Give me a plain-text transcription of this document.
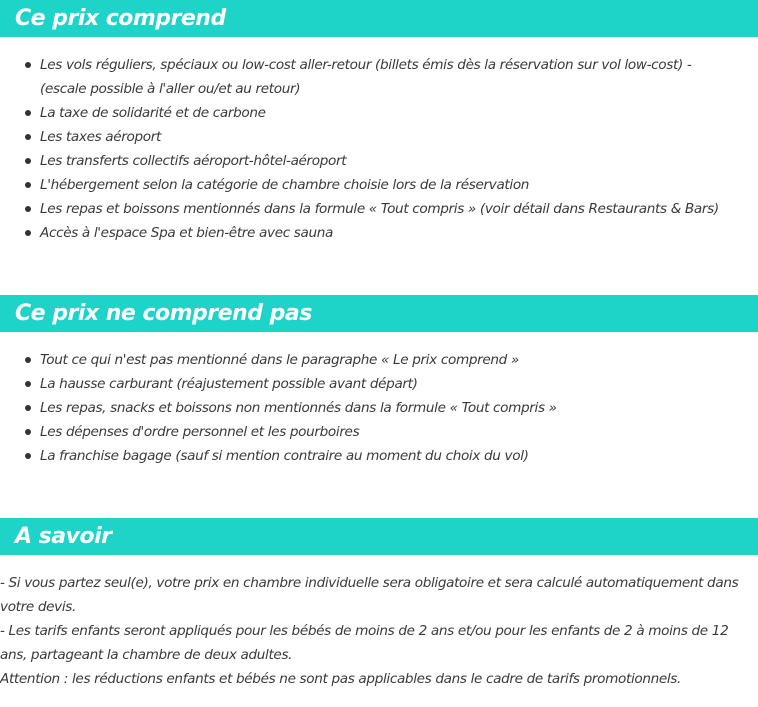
Ce prix comprend
Les vols réguliers, spéciaux ou low-cost aller-retour (billets émis dès la réservation sur vol low-cost) - (escale possible à l'aller ou/et au retour)
La taxe de solidarité et de carbone
Les taxes aéroport
Les transferts collectifs aéroport-hôtel-aéroport
L'hébergement selon la catégorie de chambre choisie lors de la réservation
Les repas et boissons mentionnés dans la formule « Tout compris » (voir détail dans Restaurants & Bars)
Accès à l'espace Spa et bien-être avec sauna
Ce prix ne comprend pas
Tout ce qui n'est pas mentionné dans le paragraphe « Le prix comprend »
La hausse carburant (réajustement possible avant départ)
Les repas, snacks et boissons non mentionnés dans la formule « Tout compris »
Les dépenses d'ordre personnel et les pourboires
La franchise bagage (sauf si mention contraire au moment du choix du vol)
A savoir

- Si vous partez seul(e), votre prix en chambre individuelle sera obligatoire et sera calculé automatiquement dans votre devis.

- Les tarifs enfants seront appliqués pour les bébés de moins de 2 ans et/ou pour les enfants de 2 à moins de 12 ans, partageant la chambre de deux adultes.

Attention : les réductions enfants et bébés ne sont pas applicables dans le cadre de tarifs promotionnels.
